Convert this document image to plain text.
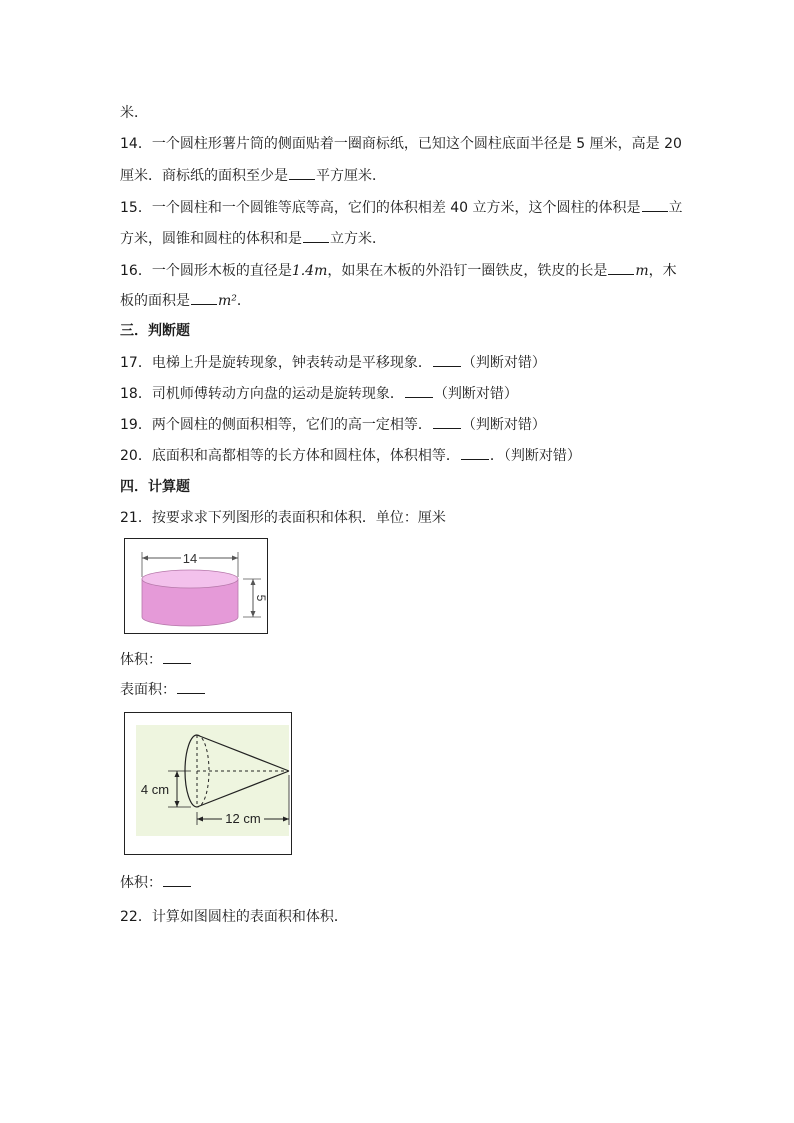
米．
14．一个圆柱形薯片筒的侧面贴着一圈商标纸，已知这个圆柱底面半径是 5 厘米，高是 20
厘米．商标纸的面积至少是 平方厘米．
15．一个圆柱和一个圆锥等底等高，它们的体积相差 40 立方米，这个圆柱的体积是 立
方米，圆锥和圆柱的体积和是 立方米．
16．一个圆形木板的直径是1.4m，如果在木板的外沿钉一圈铁皮，铁皮的长是 m，木
板的面积是 m²．
三．判断题
17．电梯上升是旋转现象，钟表转动是平移现象． （判断对错）
18．司机师傅转动方向盘的运动是旋转现象． （判断对错）
19．两个圆柱的侧面积相等，它们的高一定相等． （判断对错）
20．底面积和高都相等的长方体和圆柱体，体积相等． ．（判断对错）
四．计算题
21．按要求求下列图形的表面积和体积．单位：厘米
14
5
体积：
表面积：
4 cm
12 cm
体积：
22．计算如图圆柱的表面积和体积．
